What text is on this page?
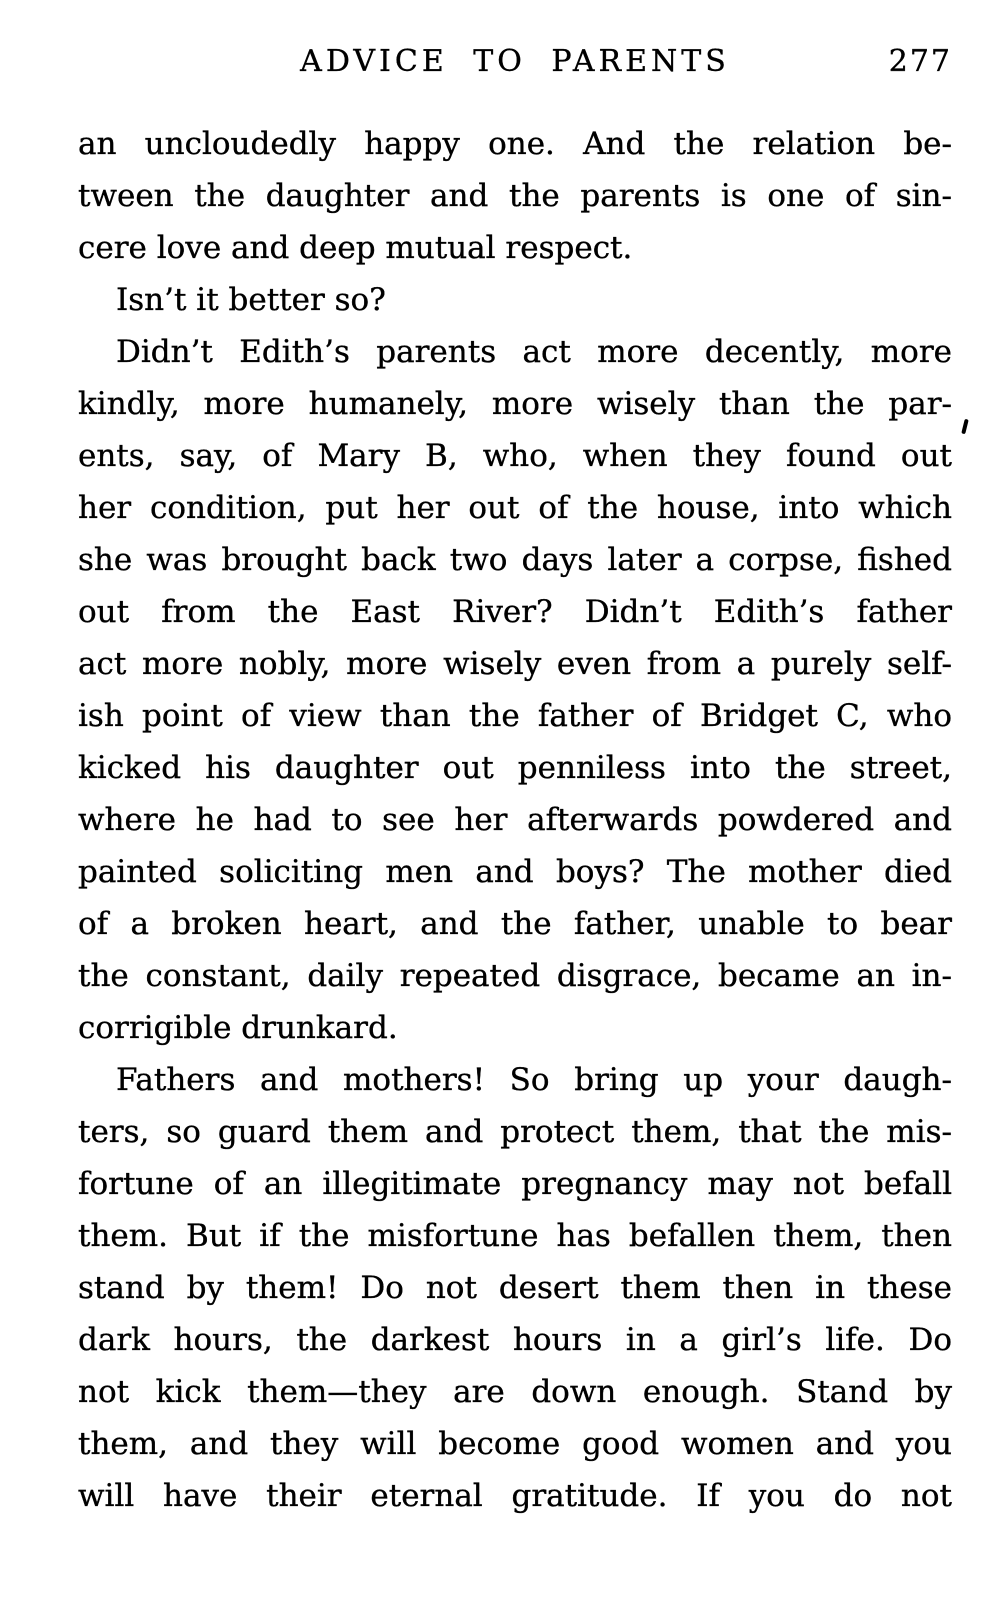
ADVICE TO PARENTS	277
an uncloudedly happy one. And the relation be-
tween the daughter and the parents is one of sin-
cere love and deep mutual respect.
Isn’t it better so?
Didn’t Edith’s parents act more decently, more
kindly, more humanely, more wisely than the par-
ents, say, of Mary B, who, when they found out
her condition, put her out of the house, into which
she was brought back two days later a corpse, fished
out from the East River? Didn’t Edith’s father
act more nobly, more wisely even from a purely self-
ish point of view than the father of Bridget C, who
kicked his daughter out penniless into the street,
where he had to see her afterwards powdered and
painted soliciting men and boys? The mother died
of a broken heart, and the father, unable to bear
the constant, daily repeated disgrace, became an in-
corrigible drunkard.
Fathers and mothers! So bring up your daugh-
ters, so guard them and protect them, that the mis-
fortune of an illegitimate pregnancy may not befall
them. But if the misfortune has befallen them, then
stand by them! Do not desert them then in these
dark hours, the darkest hours in a girl’s life. Do
not kick them—they are down enough. Stand by
them, and they will become good women and you
will have their eternal gratitude. If you do not
